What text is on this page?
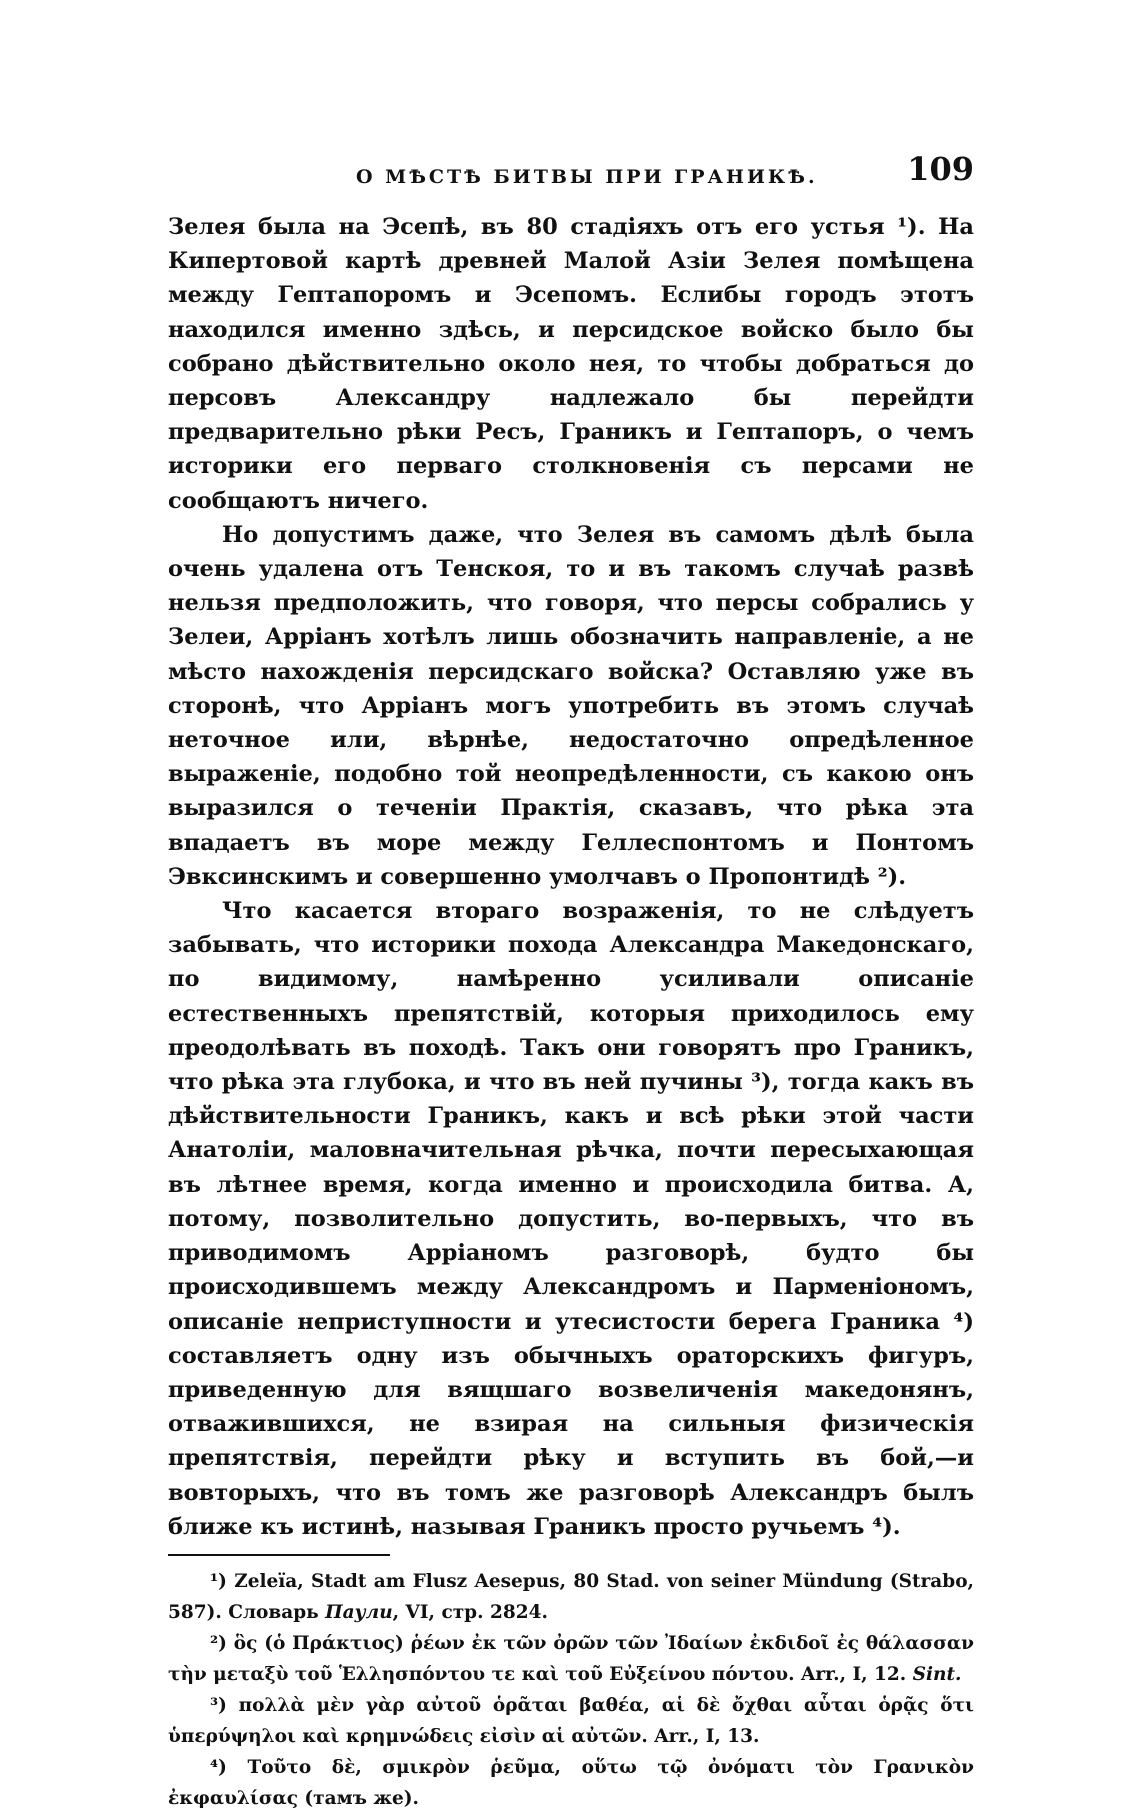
О МѢСТѢ БИТВЫ ПРИ ГРАНИКѢ.	109

Зелея была на Эсепѣ, въ 80 стадіяхъ отъ его устья ¹). На Кипертовой картѣ древней Малой Азіи Зелея помѣщена между Гептапоромъ и Эсепомъ. Еслибы городъ этотъ находился именно здѣсь, и персидское войско было бы собрано дѣйствительно около нея, то чтобы добраться до персовъ Александру надлежало бы перейдти предварительно рѣки Ресъ, Граникъ и Гептапоръ, о чемъ историки его перваго столкновенія съ персами не сообщаютъ ничего.

Но допустимъ даже, что Зелея въ самомъ дѣлѣ была очень удалена отъ Тенскоя, то и въ такомъ случаѣ развѣ нельзя предположить, что говоря, что персы собрались у Зелеи, Арріанъ хотѣлъ лишь обозначить направленіе, а не мѣсто нахожденія персидскаго войска? Оставляю уже въ сторонѣ, что Арріанъ могъ употребить въ этомъ случаѣ неточное или, вѣрнѣе, недостаточно опредѣленное выраженіе, подобно той неопредѣленности, съ какою онъ выразился о теченіи Практія, сказавъ, что рѣка эта впадаетъ въ море между Геллеспонтомъ и Понтомъ Эвксинскимъ и совершенно умолчавъ о Пропонтидѣ ²).

Что касается втораго возраженія, то не слѣдуетъ забывать, что историки похода Александра Македонскаго, по видимому, намѣренно усиливали описаніе естественныхъ препятствій, которыя приходилось ему преодолѣвать въ походѣ. Такъ они говорятъ про Граникъ, что рѣка эта глубока, и что въ ней пучины ³), тогда какъ въ дѣйствительности Граникъ, какъ и всѣ рѣки этой части Анатоліи, маловначительная рѣчка, почти пересыхающая въ лѣтнее время, когда именно и происходила битва. А, потому, позволительно допустить, во-первыхъ, что въ приводимомъ Арріаномъ разговорѣ, будто бы происходившемъ между Александромъ и Парменіономъ, описаніе неприступности и утесистости берега Граника ⁴) составляетъ одну изъ обычныхъ ораторскихъ фигуръ, приведенную для вящшаго возвеличенія македонянъ, отважившихся, не взирая на сильныя физическія препятствія, перейдти рѣку и вступить въ бой,—и вовторыхъ, что въ томъ же разговорѣ Александръ былъ ближе къ истинѣ, называя Граникъ просто ручьемъ ⁴).

¹) Zeleïa, Stadt am Flusz Aesepus, 80 Stad. von seiner Mündung (Strabo, 587). Словарь Паули, VI, стр. 2824.

²) ὃς (ὁ Πράκτιος) ῥέων ἐκ τῶν ὀρῶν τῶν Ἰδαίων ἐκδιδοῖ ἐς θάλασσαν τὴν μεταξὺ τοῦ Ἑλλησπόντου τε καὶ τοῦ Εὐξείνου πόντου. Arr., I, 12. Sint.

³) πολλὰ μὲν γὰρ αὐτοῦ ὁρᾶται βαθέα, αἱ δὲ ὄχθαι αὗται ὁρᾷς ὅτι ὑπερύψηλοι καὶ κρημνώδεις εἰσὶν αἱ αὐτῶν. Arr., I, 13.

⁴) Τοῦτο δὲ, σμικρὸν ῥεῦμα, οὕτω τῷ ὀνόματι τὸν Γρανικὸν ἐκφαυλίσας (тамъ же).
